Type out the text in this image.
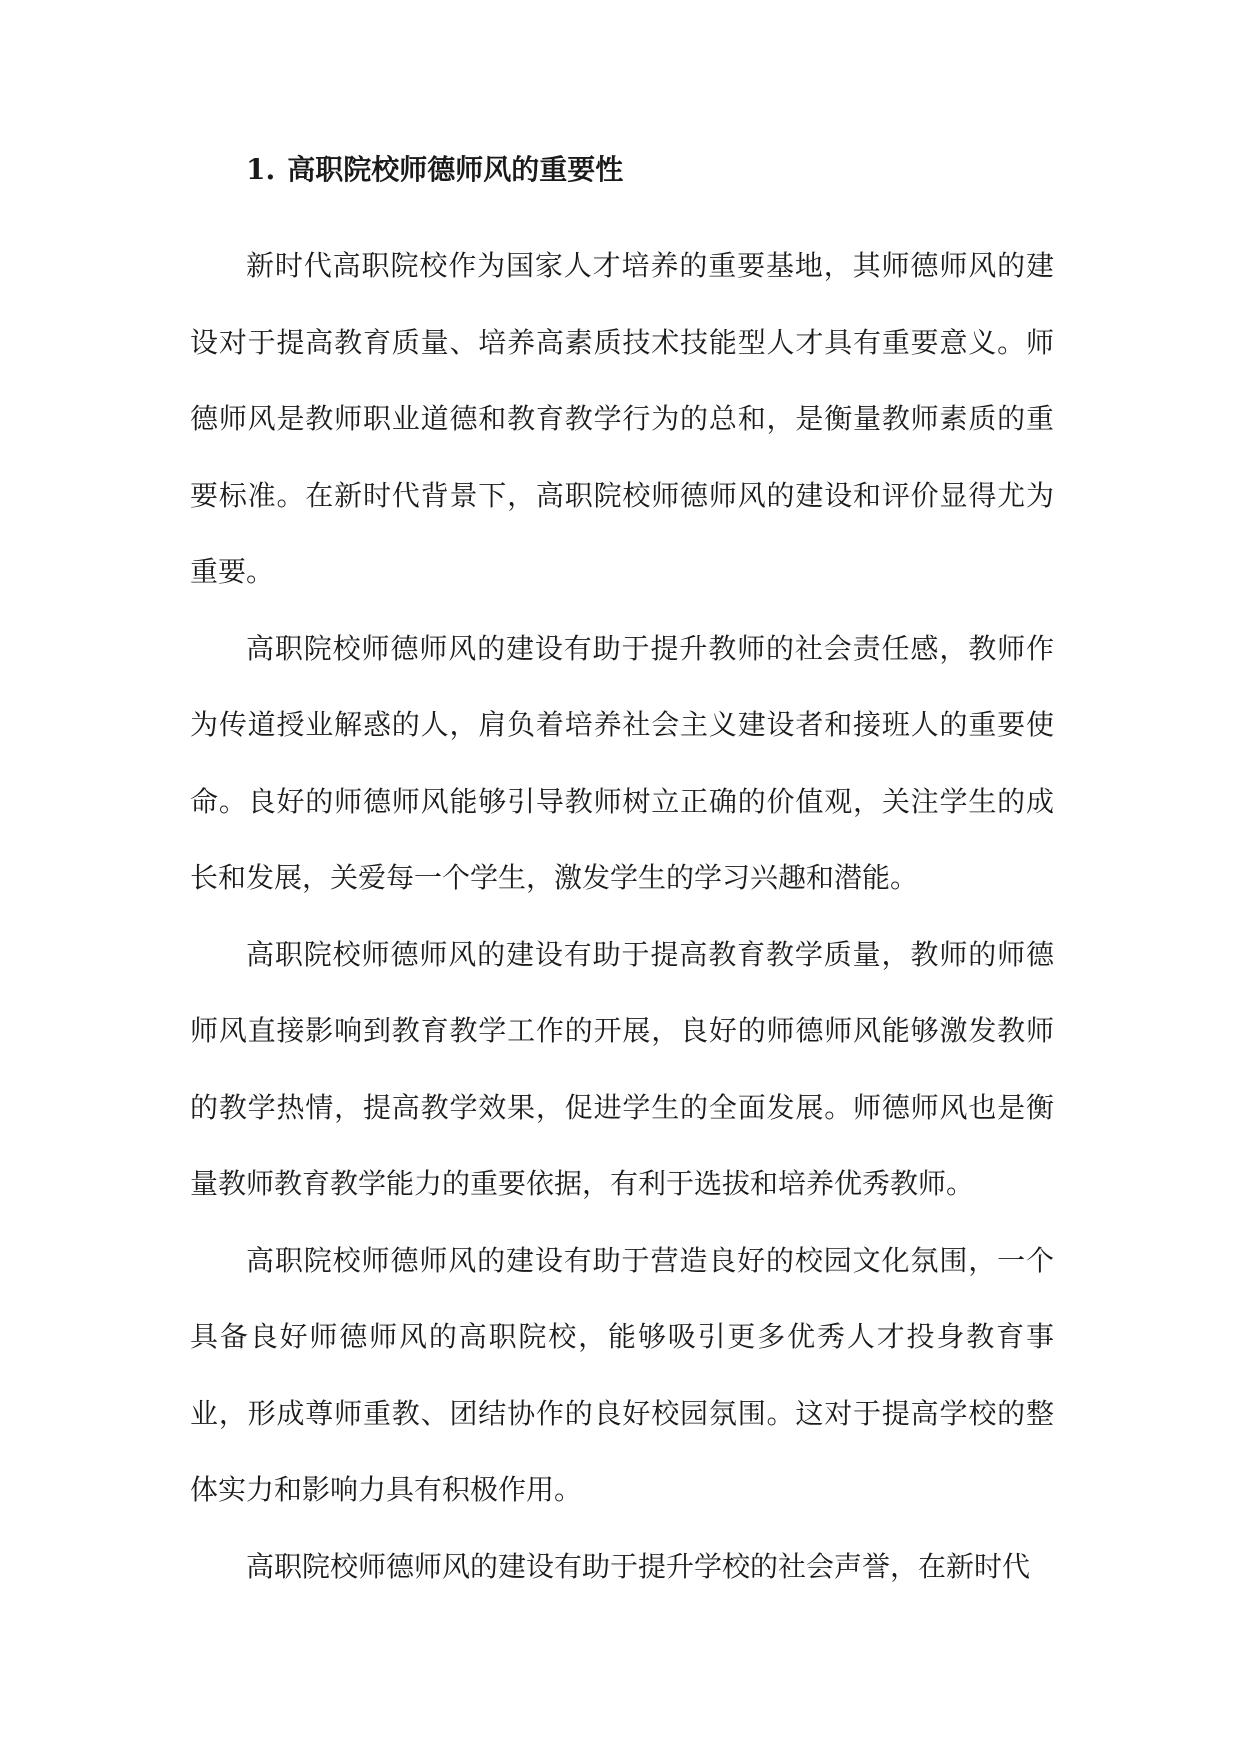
1. 高职院校师德师风的重要性

新时代高职院校作为国家人才培养的重要基地，其师德师风的建设对于提高教育质量、培养高素质技术技能型人才具有重要意义。师德师风是教师职业道德和教育教学行为的总和，是衡量教师素质的重要标准。在新时代背景下，高职院校师德师风的建设和评价显得尤为重要。

高职院校师德师风的建设有助于提升教师的社会责任感，教师作为传道授业解惑的人，肩负着培养社会主义建设者和接班人的重要使命。良好的师德师风能够引导教师树立正确的价值观，关注学生的成长和发展，关爱每一个学生，激发学生的学习兴趣和潜能。

高职院校师德师风的建设有助于提高教育教学质量，教师的师德师风直接影响到教育教学工作的开展，良好的师德师风能够激发教师的教学热情，提高教学效果，促进学生的全面发展。师德师风也是衡量教师教育教学能力的重要依据，有利于选拔和培养优秀教师。

高职院校师德师风的建设有助于营造良好的校园文化氛围，一个具备良好师德师风的高职院校，能够吸引更多优秀人才投身教育事业，形成尊师重教、团结协作的良好校园氛围。这对于提高学校的整体实力和影响力具有积极作用。

高职院校师德师风的建设有助于提升学校的社会声誉，在新时代
